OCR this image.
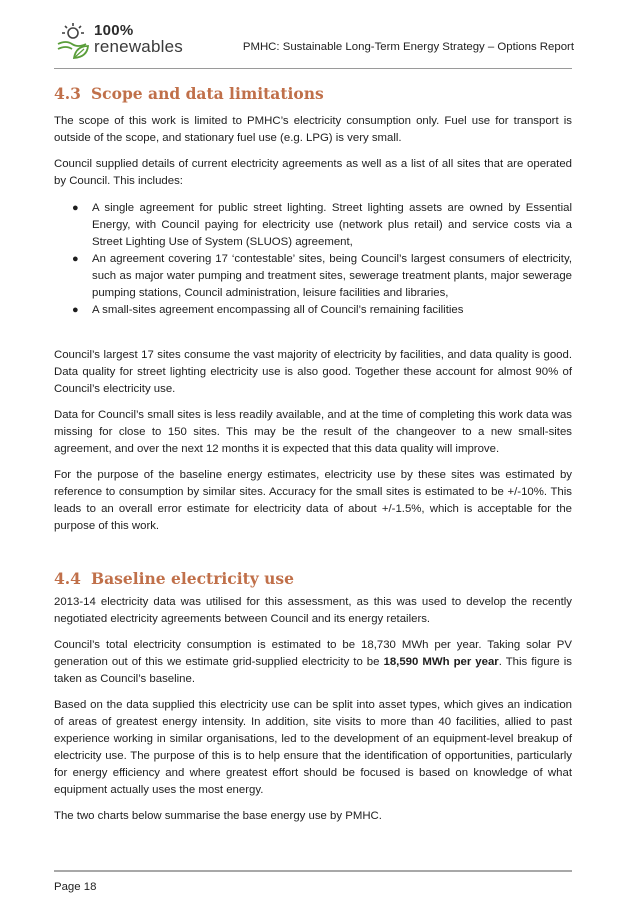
100%
renewables	PMHC: Sustainable Long-Term Energy Strategy – Options Report
4.3 Scope and data limitations

The scope of this work is limited to PMHC’s electricity consumption only. Fuel use for transport is outside of the scope, and stationary fuel use (e.g. LPG) is very small.

Council supplied details of current electricity agreements as well as a list of all sites that are operated by Council. This includes:

● A single agreement for public street lighting. Street lighting assets are owned by Essential Energy, with Council paying for electricity use (network plus retail) and service costs via a Street Lighting Use of System (SLUOS) agreement,
● An agreement covering 17 ‘contestable’ sites, being Council’s largest consumers of electricity, such as major water pumping and treatment sites, sewerage treatment plants, major sewerage pumping stations, Council administration, leisure facilities and libraries,
● A small-sites agreement encompassing all of Council’s remaining facilities

Council’s largest 17 sites consume the vast majority of electricity by facilities, and data quality is good. Data quality for street lighting electricity use is also good. Together these account for almost 90% of Council’s electricity use.

Data for Council’s small sites is less readily available, and at the time of completing this work data was missing for close to 150 sites. This may be the result of the changeover to a new small-sites agreement, and over the next 12 months it is expected that this data quality will improve.

For the purpose of the baseline energy estimates, electricity use by these sites was estimated by reference to consumption by similar sites. Accuracy for the small sites is estimated to be +/-10%. This leads to an overall error estimate for electricity data of about +/-1.5%, which is acceptable for the purpose of this work.

4.4 Baseline electricity use

2013-14 electricity data was utilised for this assessment, as this was used to develop the recently negotiated electricity agreements between Council and its energy retailers.

Council’s total electricity consumption is estimated to be 18,730 MWh per year. Taking solar PV generation out of this we estimate grid-supplied electricity to be 18,590 MWh per year. This figure is taken as Council’s baseline.

Based on the data supplied this electricity use can be split into asset types, which gives an indication of areas of greatest energy intensity. In addition, site visits to more than 40 facilities, allied to past experience working in similar organisations, led to the development of an equipment-level breakup of electricity use. The purpose of this is to help ensure that the identification of opportunities, particularly for energy efficiency and where greatest effort should be focused is based on knowledge of what equipment actually uses the most energy.

The two charts below summarise the base energy use by PMHC.

Page 18
